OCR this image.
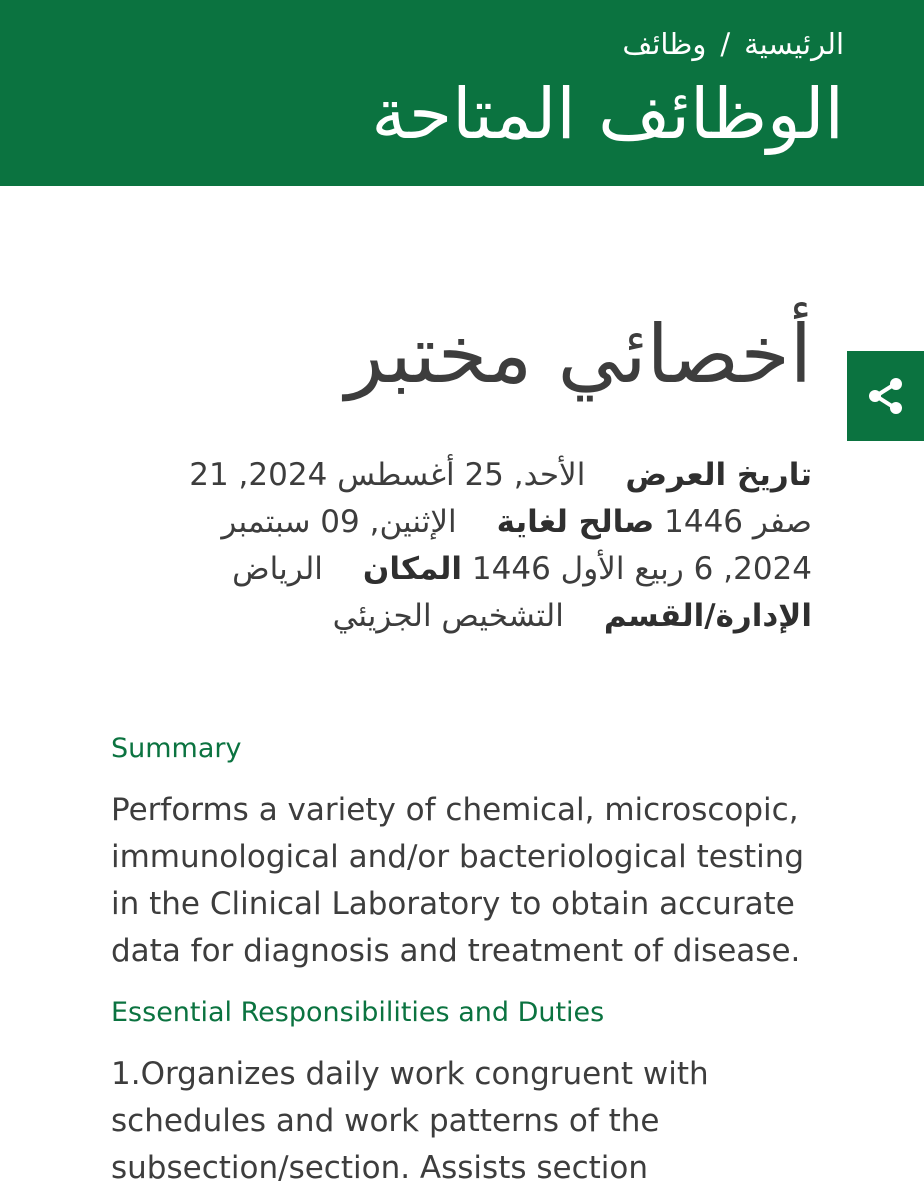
الرئيسية/وظائف
الوظائف المتاحة
أخصائي مختبر
تاريخ العرضالأحد, 25 أغسطس 2024, 21 صفر 1446 صالح لغايةالإثنين, 09 سبتمبر 2024, 6 ربيع الأول 1446 المكانالرياض الإدارة/القسمالتشخيص الجزيئي
Summary

Performs a variety of chemical, microscopic, immunological and/or bacteriological testing in the Clinical Laboratory to obtain accurate data for diagnosis and treatment of disease.

Essential Responsibilities and Duties

1.Organizes daily work congruent with schedules and work patterns of the subsection/section. Assists section
